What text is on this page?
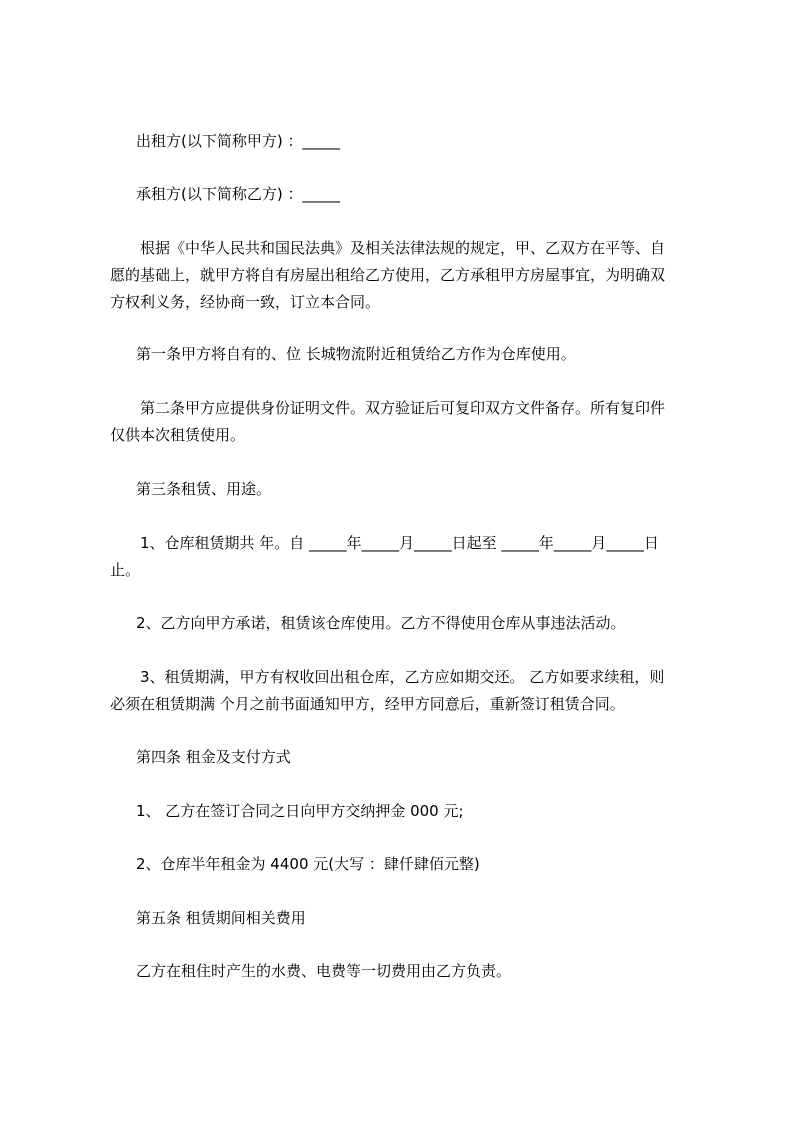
出租方(以下简称甲方) ：_____
承租方(以下简称乙方) ：_____
根据《中华人民共和国民法典》及相关法律法规的规定，甲、乙双方在平等、自
愿的基础上，就甲方将自有房屋出租给乙方使用，乙方承租甲方房屋事宜，为明确双
方权利义务，经协商一致，订立本合同。
第一条甲方将自有的、位 长城物流附近租赁给乙方作为仓库使用。
第二条甲方应提供身份证明文件。双方验证后可复印双方文件备存。所有复印件
仅供本次租赁使用。
第三条租赁、用途。
1、仓库租赁期共 年。自 _____年_____月_____日起至 _____年_____月_____日
止。
2、乙方向甲方承诺，租赁该仓库使用。乙方不得使用仓库从事违法活动。
3、租赁期满，甲方有权收回出租仓库，乙方应如期交还。 乙方如要求续租，则
必须在租赁期满 个月之前书面通知甲方，经甲方同意后，重新签订租赁合同。
第四条 租金及支付方式
1、 乙方在签订合同之日向甲方交纳押金 000 元;
2、仓库半年租金为 4400 元(大写 ：肆仟肆佰元整)
第五条 租赁期间相关费用
乙方在租住时产生的水费、电费等一切费用由乙方负责。
